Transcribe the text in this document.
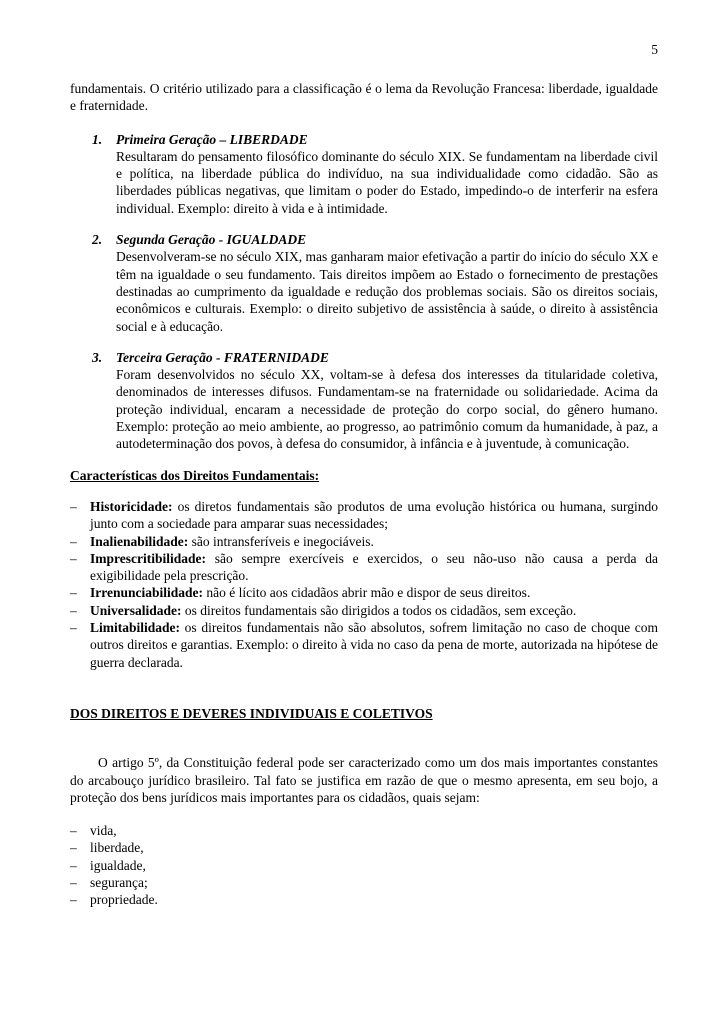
5

fundamentais. O critério utilizado para a classificação é o lema da Revolução Francesa: liberdade, igualdade e fraternidade.

1.	Primeira Geração – LIBERDADE
Resultaram do pensamento filosófico dominante do século XIX. Se fundamentam na liberdade civil e política, na liberdade pública do indivíduo, na sua individualidade como cidadão. São as liberdades públicas negativas, que limitam o poder do Estado, impedindo-o de interferir na esfera individual. Exemplo: direito à vida e à intimidade.
2.	Segunda Geração - IGUALDADE
Desenvolveram-se no século XIX, mas ganharam maior efetivação a partir do início do século XX e têm na igualdade o seu fundamento. Tais direitos impõem ao Estado o fornecimento de prestações destinadas ao cumprimento da igualdade e redução dos problemas sociais. São os direitos sociais, econômicos e culturais. Exemplo: o direito subjetivo de assistência à saúde, o direito à assistência social e à educação.
3.	Terceira Geração - FRATERNIDADE
Foram desenvolvidos no século XX, voltam-se à defesa dos interesses da titularidade coletiva, denominados de interesses difusos. Fundamentam-se na fraternidade ou solidariedade. Acima da proteção individual, encaram a necessidade de proteção do corpo social, do gênero humano. Exemplo: proteção ao meio ambiente, ao progresso, ao patrimônio comum da humanidade, à paz, a autodeterminação dos povos, à defesa do consumidor, à infância e à juventude, à comunicação.
Características dos Direitos Fundamentais:
– Historicidade: os diretos fundamentais são produtos de uma evolução histórica ou humana, surgindo junto com a sociedade para amparar suas necessidades;
– Inalienabilidade: são intransferíveis e inegociáveis.
– Imprescritibilidade: são sempre exercíveis e exercidos, o seu não-uso não causa a perda da exigibilidade pela prescrição.
– Irrenunciabilidade: não é lícito aos cidadãos abrir mão e dispor de seus direitos.
– Universalidade: os direitos fundamentais são dirigidos a todos os cidadãos, sem exceção.
– Limitabilidade: os direitos fundamentais não são absolutos, sofrem limitação no caso de choque com outros direitos e garantias. Exemplo: o direito à vida no caso da pena de morte, autorizada na hipótese de guerra declarada.
DOS DIREITOS E DEVERES INDIVIDUAIS E COLETIVOS

O artigo 5º, da Constituição federal pode ser caracterizado como um dos mais importantes constantes do arcabouço jurídico brasileiro. Tal fato se justifica em razão de que o mesmo apresenta, em seu bojo, a proteção dos bens jurídicos mais importantes para os cidadãos, quais sejam:

– vida,
– liberdade,
– igualdade,
– segurança;
– propriedade.
